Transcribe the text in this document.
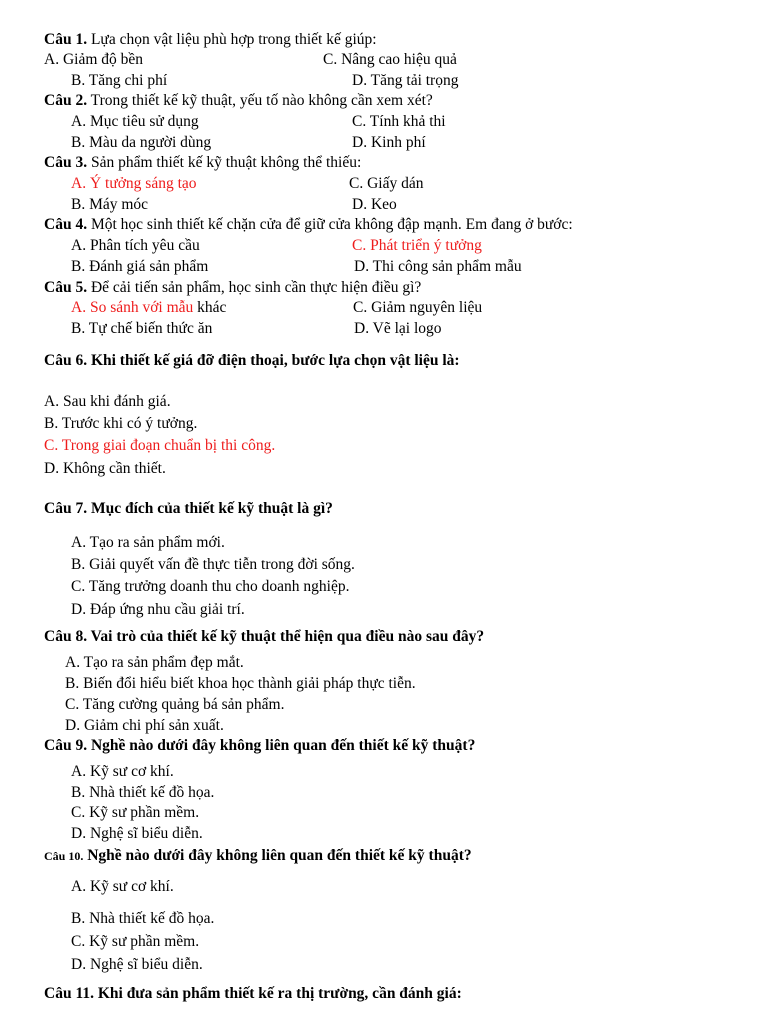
Câu 1. Lựa chọn vật liệu phù hợp trong thiết kế giúp:
A. Giảm độ bền	C. Nâng cao hiệu quả
B. Tăng chi phí	D. Tăng tải trọng
Câu 2. Trong thiết kế kỹ thuật, yếu tố nào không cần xem xét?
A. Mục tiêu sử dụng	C. Tính khả thi
B. Màu da người dùng	D. Kinh phí
Câu 3. Sản phẩm thiết kế kỹ thuật không thể thiếu:
A. Ý tưởng sáng tạo	C. Giấy dán
B. Máy móc	D. Keo
Câu 4. Một học sinh thiết kế chặn cửa để giữ cửa không đập mạnh. Em đang ở bước:
A. Phân tích yêu cầu	C. Phát triển ý tưởng
B. Đánh giá sản phẩm	D. Thi công sản phẩm mẫu
Câu 5. Để cải tiến sản phẩm, học sinh cần thực hiện điều gì?
A. So sánh với mẫu khác	C. Giảm nguyên liệu
B. Tự chế biến thức ăn	D. Vẽ lại logo
Câu 6. Khi thiết kế giá đỡ điện thoại, bước lựa chọn vật liệu là:
A. Sau khi đánh giá.
B. Trước khi có ý tưởng.
C. Trong giai đoạn chuẩn bị thi công.
D. Không cần thiết.
Câu 7. Mục đích của thiết kế kỹ thuật là gì?
A. Tạo ra sản phẩm mới.
B. Giải quyết vấn đề thực tiễn trong đời sống.
C. Tăng trưởng doanh thu cho doanh nghiệp.
D. Đáp ứng nhu cầu giải trí.
Câu 8. Vai trò của thiết kế kỹ thuật thể hiện qua điều nào sau đây?
A. Tạo ra sản phẩm đẹp mắt.
B. Biến đổi hiểu biết khoa học thành giải pháp thực tiễn.
C. Tăng cường quảng bá sản phẩm.
D. Giảm chi phí sản xuất.
Câu 9. Nghề nào dưới đây không liên quan đến thiết kế kỹ thuật?
A. Kỹ sư cơ khí.
B. Nhà thiết kế đồ họa.
C. Kỹ sư phần mềm.
D. Nghệ sĩ biểu diễn.
Câu 10. Nghề nào dưới đây không liên quan đến thiết kế kỹ thuật?
A. Kỹ sư cơ khí.
B. Nhà thiết kế đồ họa.
C. Kỹ sư phần mềm.
D. Nghệ sĩ biểu diễn.
Câu 11. Khi đưa sản phẩm thiết kế ra thị trường, cần đánh giá:
